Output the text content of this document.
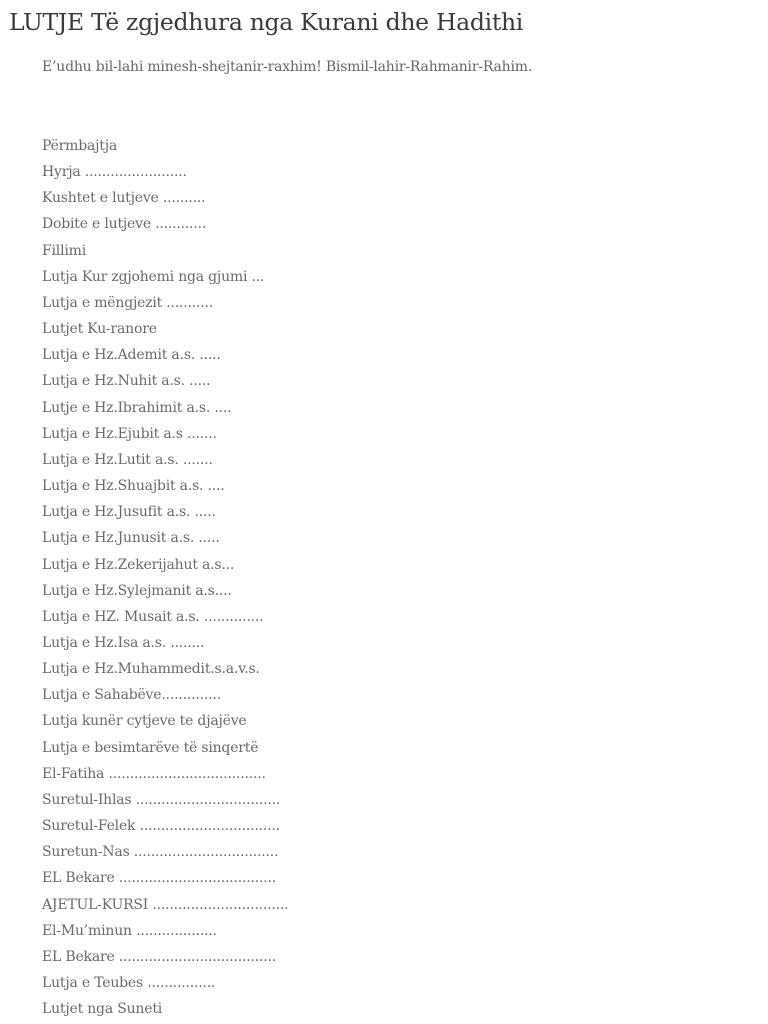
LUTJE Të zgjedhura nga Kurani dhe Hadithi

E’udhu bil-lahi minesh-shejtanir-raxhim! Bismil-lahir-Rahmanir-Rahim.

Përmbajtja
Hyrja ........................
Kushtet e lutjeve ..........
Dobite e lutjeve ............
Fillimi
Lutja Kur zgjohemi nga gjumi ...
Lutja e mëngjezit ...........
Lutjet Ku-ranore
Lutja e Hz.Ademit a.s. .....
Lutja e Hz.Nuhit a.s. .....
Lutje e Hz.Ibrahimit a.s. ....
Lutja e Hz.Ejubit a.s .......
Lutja e Hz.Lutit a.s. .......
Lutja e Hz.Shuajbit a.s. ....
Lutja e Hz.Jusufit a.s. .....
Lutja e Hz.Junusit a.s. .....
Lutja e Hz.Zekerijahut a.s...
Lutja e Hz.Sylejmanit a.s....
Lutja e HZ. Musait a.s. ..............
Lutja e Hz.Isa a.s. ........
Lutja e Hz.Muhammedit.s.a.v.s.
Lutja e Sahabëve..............
Lutja kunër cytjeve te djajëve
Lutja e besimtarëve të sinqertë
El-Fatiha .....................................
Suretul-Ihlas ..................................
Suretul-Felek .................................
Suretun-Nas ..................................
EL Bekare .....................................
AJETUL-KURSI ................................
El-Mu’minun ...................
EL Bekare .....................................
Lutja e Teubes ................
Lutjet nga Suneti
